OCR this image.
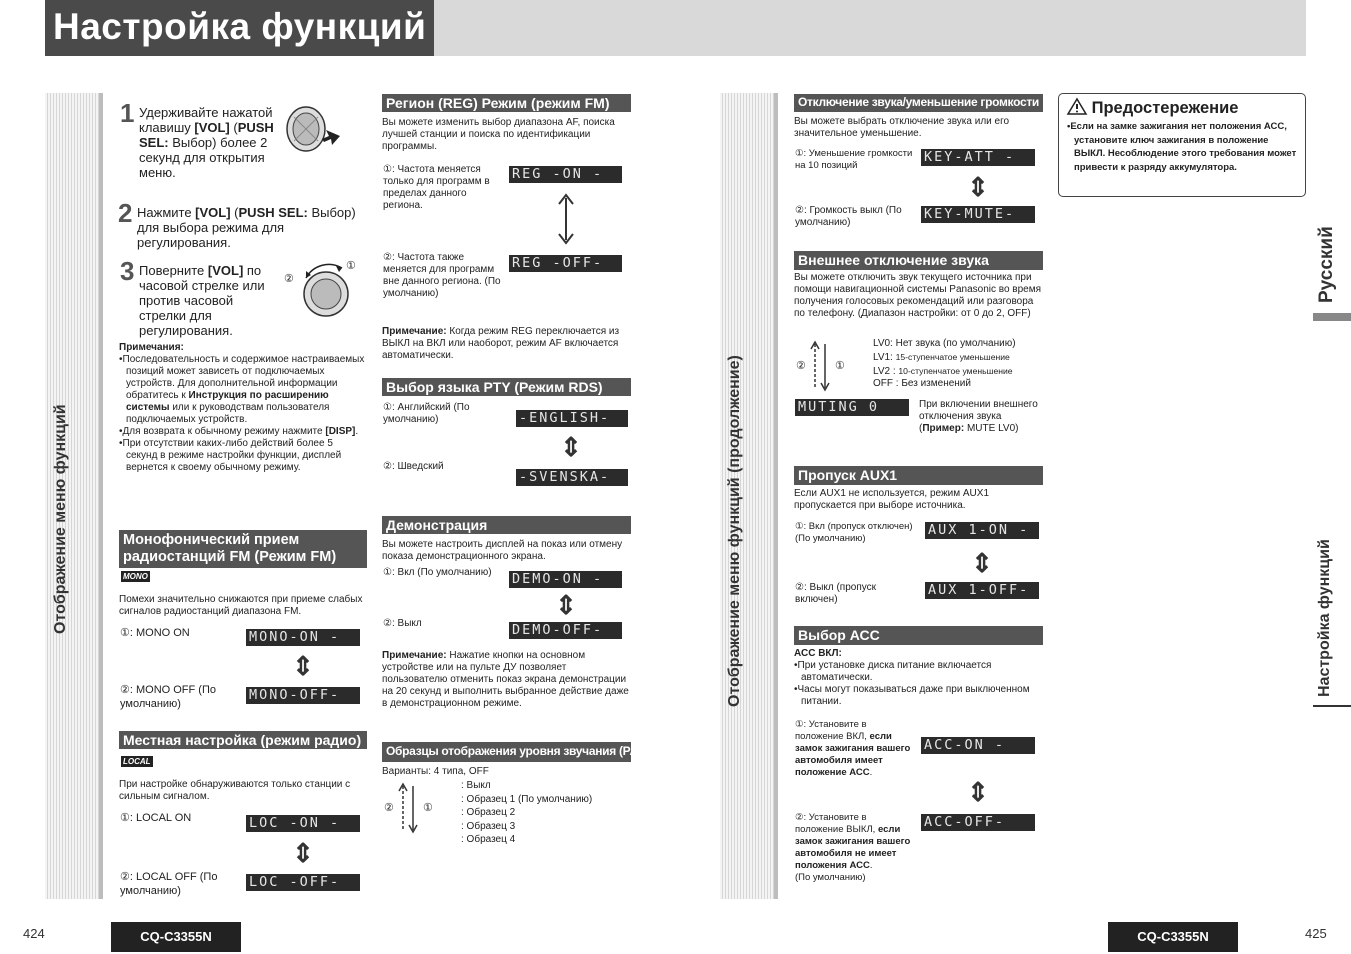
Настройка функций
Отображение меню функций	Отображение меню функций (продолжение)
1 Удерживайте нажатой клавишу [VOL] (PUSH SEL: Выбор) более 2 секунд для открытия меню.
2 Нажмите [VOL] (PUSH SEL: Выбор) для выбора режима для регулирования.
3 Поверните [VOL] по часовой стрелке или против часовой стрелки для регулирования.
②
①
Примечания:
•Последовательность и содержимое настраиваемых позиций может зависеть от подключаемых устройств. Для дополнительной информации обратитесь к Инструкция по расширению системы или к руководствам пользователя подключаемых устройств.
•Для возврата к обычному режиму нажмите [DISP].
•При отсутствии каких-либо действий более 5 секунд в режиме настройки функции, дисплей вернется к своему обычному режиму.
Монофонический прием
радиостанций FM (Режим FM)
MONO
Помехи значительно снижаются при приеме слабых сигналов радиостанций диапазона FM.
①: MONO ON	MONO‑ON ‑
⇕
②: MONO OFF (По умолчанию)
MONO‑OFF‑
Местная настройка (режим радио)
LOCAL
При настройке обнаруживаются только станции с сильным сигналом.
①: LOCAL ON	LOC ‑ON ‑
⇕
②: LOCAL OFF (По умолчанию)
LOC ‑OFF‑
Регион (REG) Режим (режим FM)
Вы можете изменить выбор диапазона AF, поиска лучшей станции и поиска по идентификации программы.
①: Частота меняется только для программ в пределах данного региона.
REG ‑ON ‑
②: Частота также меняется для программ вне данного региона. (По умолчанию)
REG ‑OFF‑
Примечание: Когда режим REG переключается из ВЫКЛ на ВКЛ или наоборот, режим AF включается автоматически.
Выбор языка PTY (Режим RDS)
①: Английский (По умолчанию)	‑ENGLISH‑
⇕
②: Шведский
‑SVENSKA‑
Демонстрация
Вы можете настроить дисплей на показ или отмену показа демонстрационного экрана.
①: Вкл (По умолчанию)	DEMO‑ON ‑
⇕
②: Выкл	DEMO‑OFF‑
Примечание: Нажатие кнопки на основном устройстве или на пульте ДУ позволяет пользователю отменить показ экрана демонстрации на 20 секунд и выполнить выбранное действие даже в демонстрационном режиме.
Образцы отображения уровня звучания (PATTERN)
Варианты: 4 типа, OFF
②	①
: Выкл
: Образец 1 (По умолчанию)
: Образец 2
: Образец 3
: Образец 4
Отключение звука/уменьшение громкости
Вы можете выбрать отключение звука или его значительное уменьшение.
①: Уменьшение громкости на 10 позиций
KEY‑ATT ‑
⇕
②: Громкость выкл (По умолчанию)
KEY‑MUTE‑
Внешнее отключение звука
Вы можете отключить звук текущего источника при помощи навигационной системы Panasonic во время получения голосовых рекомендаций или разговора по телефону. (Диапазон настройки: от 0 до 2, OFF)
②	①
LV0: Нет звука (по умолчанию)
LV1: 15-ступенчатое уменьшение
LV2 : 10-ступенчатое уменьшение
OFF : Без изменений
MUTING 0	При включении внешнего отключения звука
(Пример: MUTE LV0)
Пропуск AUX1
Если AUX1 не используется, режим AUX1 пропускается при выборе источника.
①: Вкл (пропуск отключен) (По умолчанию)
AUX 1‑ON ‑
⇕
②: Выкл (пропуск включен)
AUX 1‑OFF‑
Выбор АСС
АСС ВКЛ:
•При установке диска питание включается автоматически.
•Часы могут показываться даже при выключенном питании.
①: Установите в положение ВКЛ, если замок зажигания вашего автомобиля имеет положение АСС.
ACC‑ON ‑
⇕
②: Установите в положение ВЫКЛ, если замок зажигания вашего автомобиля не имеет положения АСС.
(По умолчанию)
ACC‑OFF‑
Предостережение
•Если на замке зажигания нет положения АСС, установите ключ зажигания в положение ВЫКЛ. Несоблюдение этого требования может привести к разряду аккумулятора.
Русский
Настройка функций
424	CQ-C3355N	CQ-C3355N	425
